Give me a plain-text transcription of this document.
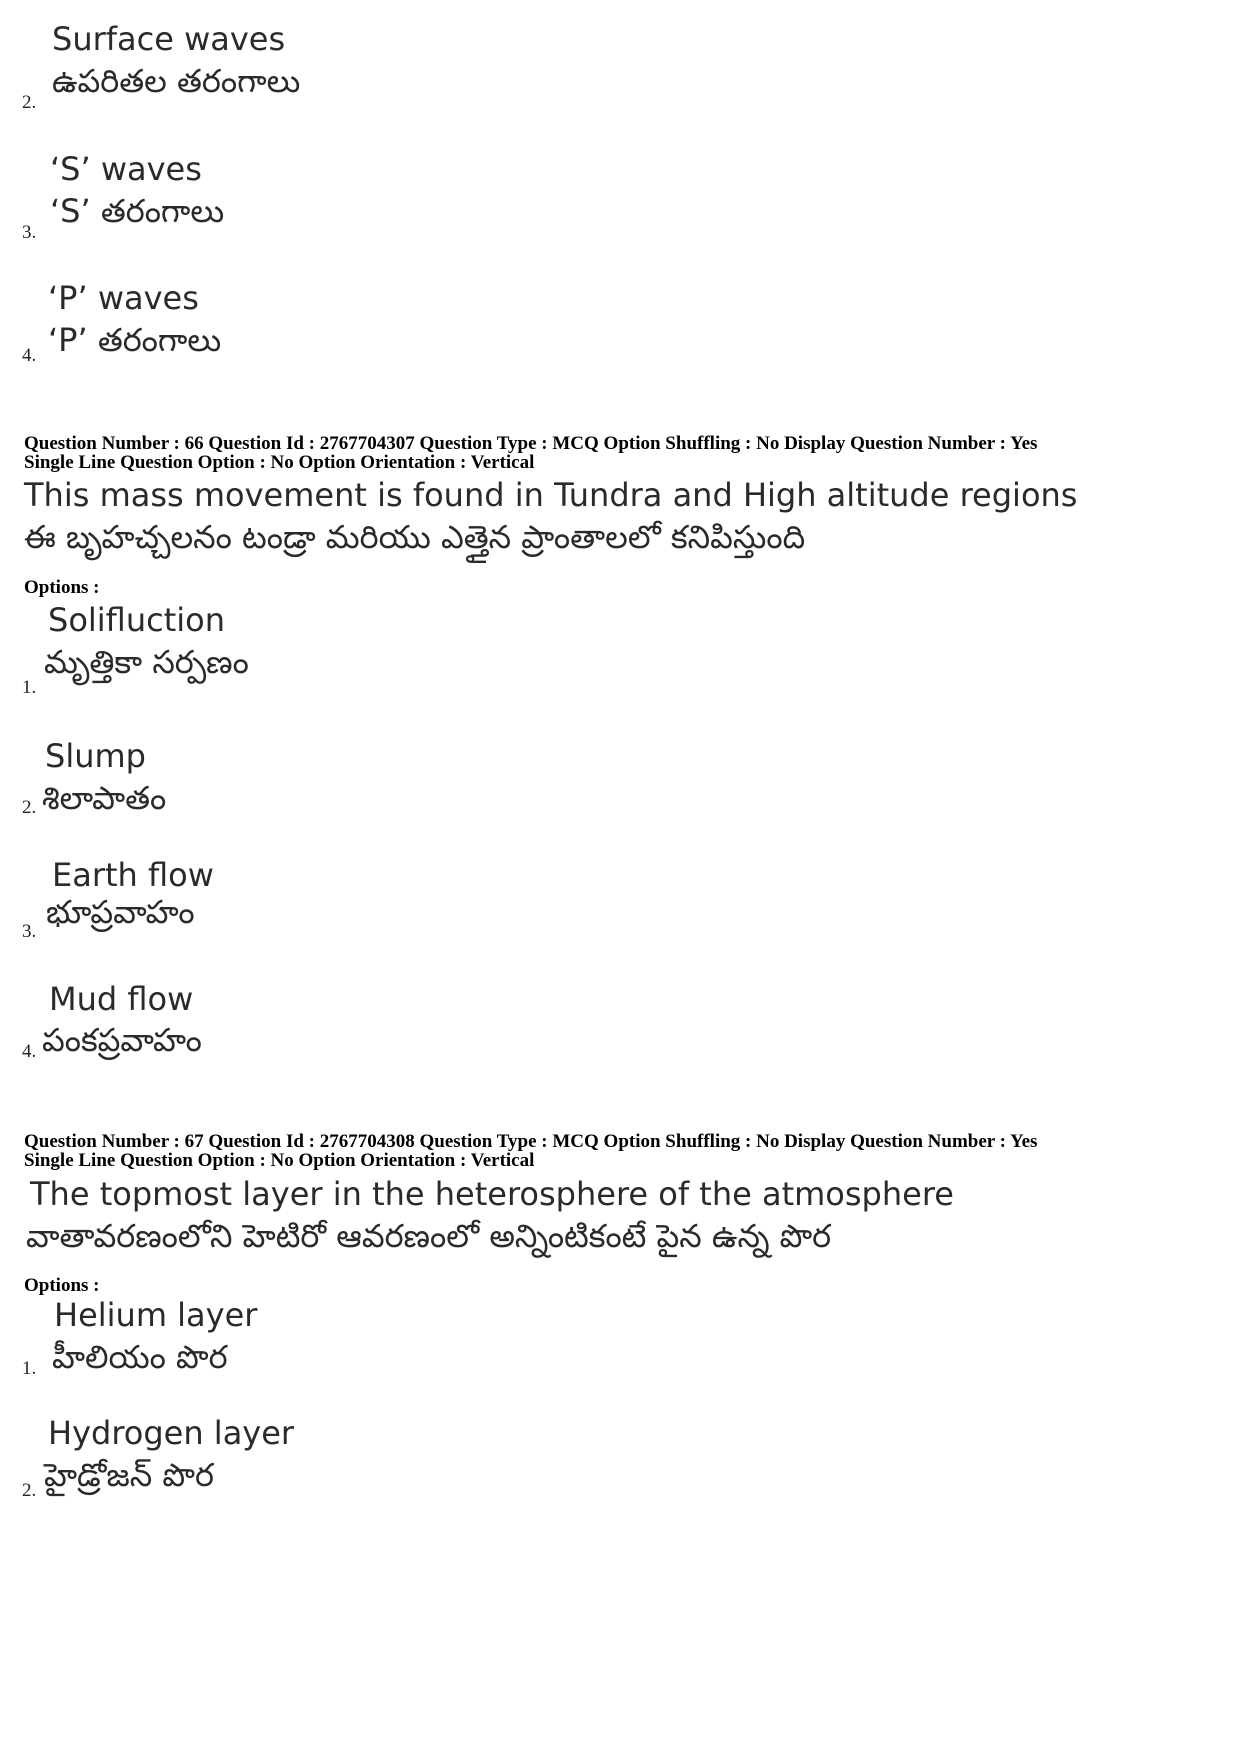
Surface waves
ఉపరితల తరంగాలు
2.
‘S’ waves
‘S’ తరంగాలు
3.
‘P’ waves
‘P’ తరంగాలు
4.
Question Number : 66 Question Id : 2767704307 Question Type : MCQ Option Shuffling : No Display Question Number : Yes
Single Line Question Option : No Option Orientation : Vertical
This mass movement is found in Tundra and High altitude regions
ఈ బృహచ్చలనం టండ్రా మరియు ఎత్తైన ప్రాంతాలలో కనిపిస్తుంది
Options :
Solifluction
మృత్తికా సర్పణం
1.
Slump
శిలాపాతం
2.
Earth flow
భూప్రవాహం
3.
Mud flow
పంకప్రవాహం
4.
Question Number : 67 Question Id : 2767704308 Question Type : MCQ Option Shuffling : No Display Question Number : Yes
Single Line Question Option : No Option Orientation : Vertical
The topmost layer in the heterosphere of the atmosphere
వాతావరణంలోని హెటిరో ఆవరణంలో అన్నింటికంటే పైన ఉన్న పొర
Options :
Helium layer
హీలియం పొర
1.
Hydrogen layer
హైడ్రోజన్ పొర
2.
